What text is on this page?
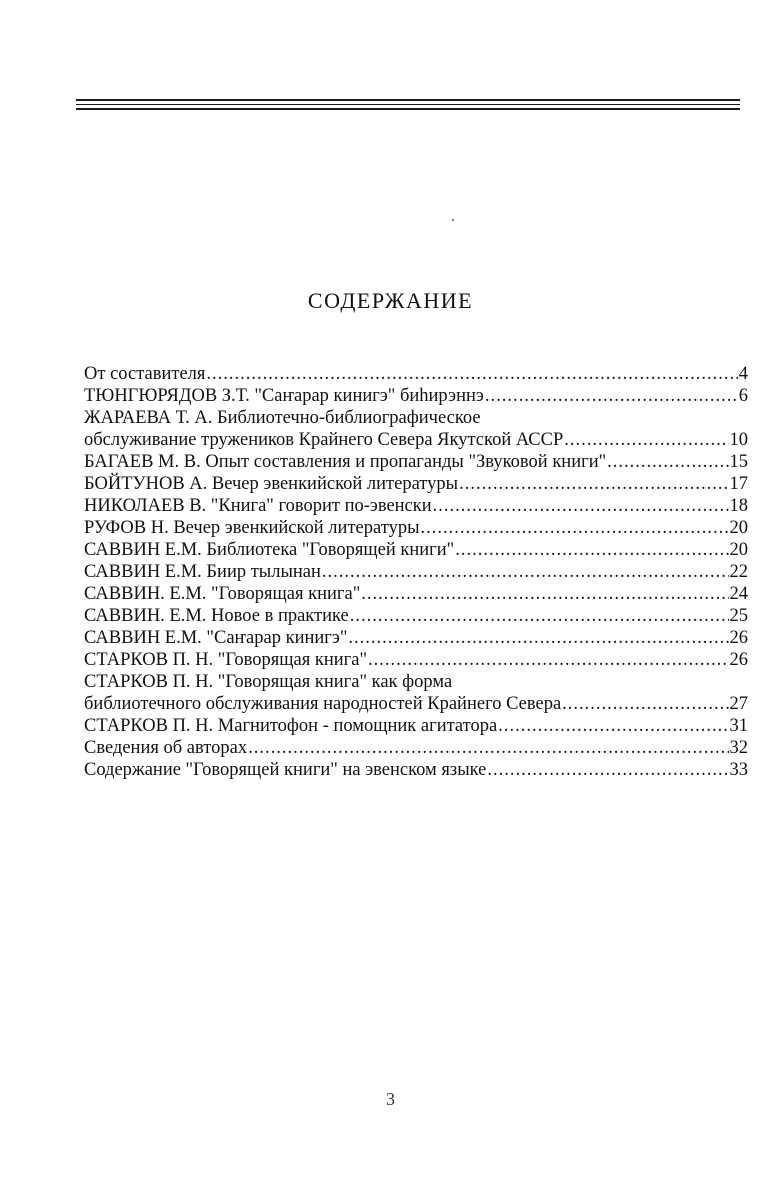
СОДЕРЖАНИЕ
От составителя .....	4
ТЮНГЮРЯДОВ З.Т. "Саҥарар кинигэ" биhирэннэ .....	6
ЖАРАЕВА Т. А. Библиотечно-библиографическое
обслуживание тружеников Крайнего Севера Якутской АССР .....	10
БАГАЕВ М. В. Опыт составления и пропаганды "Звуковой книги" .....	15
БОЙТУНОВ А. Вечер эвенкийской литературы .....	17
НИКОЛАЕВ В. "Книга" говорит по-эвенски .....	18
РУФОВ Н. Вечер эвенкийской литературы .....	20
САВВИН Е.М. Библиотека "Говорящей книги" .....	20
САВВИН Е.М. Биир тылынан .....	22
САВВИН. Е.М. "Говорящая книга" .....	24
САВВИН. Е.М. Новое в практике .....	25
САВВИН Е.М. "Саҥарар кинигэ" .....	26
СТАРКОВ П. Н. "Говорящая книга" .....	26
СТАРКОВ П. Н. "Говорящая книга" как форма
библиотечного обслуживания народностей Крайнего Севера .....	27
СТАРКОВ П. Н. Магнитофон - помощник агитатора .....	31
Сведения об авторах .....	32
Содержание "Говорящей книги" на эвенском языке .....	33
3
